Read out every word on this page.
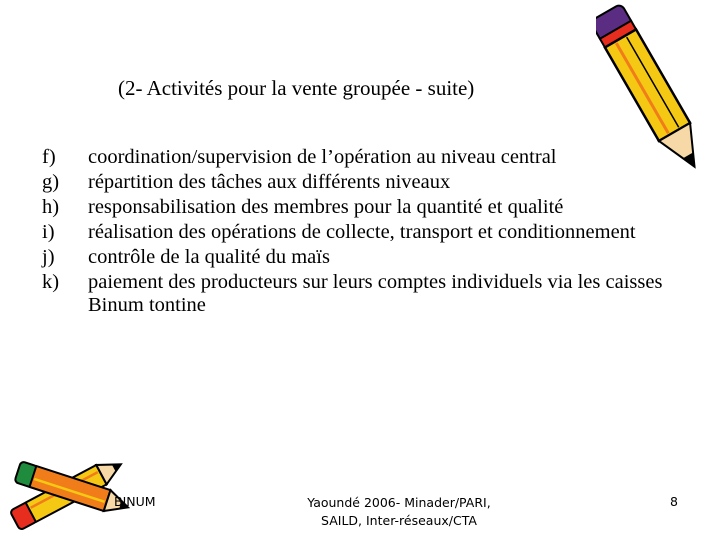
(2- Activités pour la vente groupée - suite)
f)	coordination/supervision de l’opération au niveau central
g)	répartition des tâches aux différents niveaux
h)	responsabilisation des membres pour la quantité et qualité
i)	réalisation des opérations de collecte, transport et conditionnement
j)	contrôle de la qualité du maïs
k)	paiement des producteurs sur leurs comptes individuels via les caisses Binum tontine
BINUM	Yaoundé 2006- Minader/PARI,
SAILD, Inter-réseaux/CTA
8
